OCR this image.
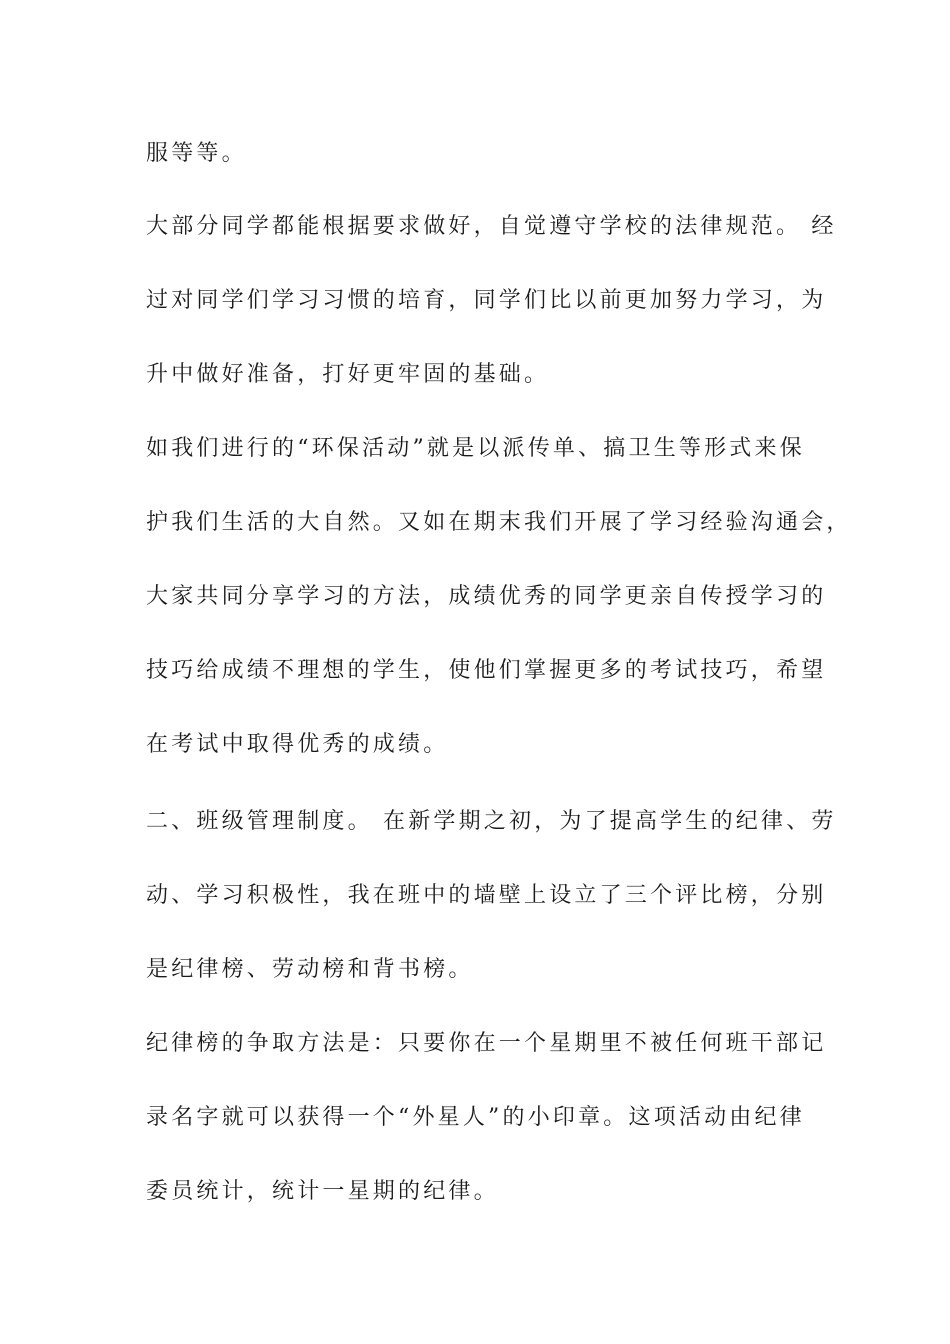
服等等。
大部分同学都能根据要求做好，自觉遵守学校的法律规范。 经
过对同学们学习习惯的培育，同学们比以前更加努力学习，为
升中做好准备，打好更牢固的基础。
如我们进行的“环保活动”就是以派传单、搞卫生等形式来保
护我们生活的大自然。又如在期末我们开展了学习经验沟通会，
大家共同分享学习的方法，成绩优秀的同学更亲自传授学习的
技巧给成绩不理想的学生，使他们掌握更多的考试技巧，希望
在考试中取得优秀的成绩。
二、班级管理制度。 在新学期之初，为了提高学生的纪律、劳
动、学习积极性，我在班中的墙壁上设立了三个评比榜，分别
是纪律榜、劳动榜和背书榜。
纪律榜的争取方法是：只要你在一个星期里不被任何班干部记
录名字就可以获得一个“外星人”的小印章。这项活动由纪律
委员统计，统计一星期的纪律。
